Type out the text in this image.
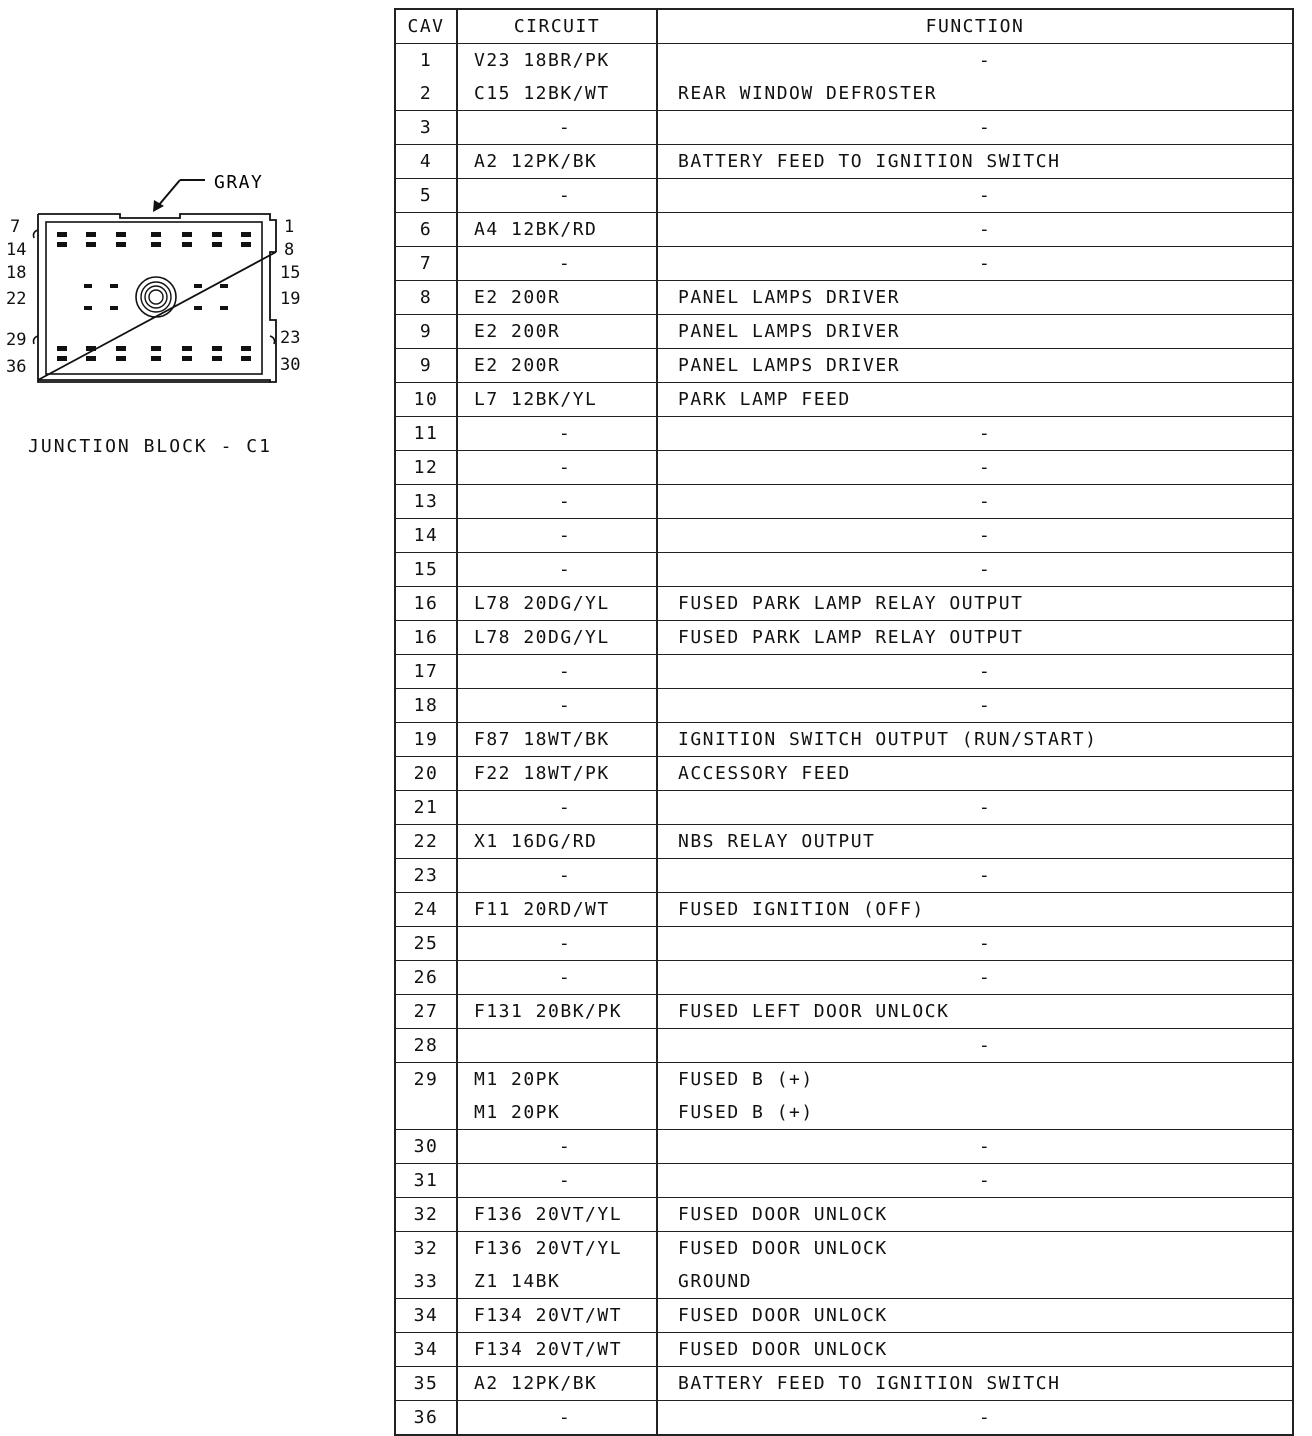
GRAY
7
14
18
22
29
36
1
8
15
19
23
30
JUNCTION BLOCK - C1
CAV	CIRCUIT	FUNCTION
1	V23 18BR/PK	-
2	C15 12BK/WT	REAR WINDOW DEFROSTER
3	-	-
4	A2 12PK/BK	BATTERY FEED TO IGNITION SWITCH
5	-	-
6	A4 12BK/RD	-
7	-	-
8	E2 200R	PANEL LAMPS DRIVER
9	E2 200R	PANEL LAMPS DRIVER
9	E2 200R	PANEL LAMPS DRIVER
10	L7 12BK/YL	PARK LAMP FEED
11	-	-
12	-	-
13	-	-
14	-	-
15	-	-
16	L78 20DG/YL	FUSED PARK LAMP RELAY OUTPUT
16	L78 20DG/YL	FUSED PARK LAMP RELAY OUTPUT
17	-	-
18	-	-
19	F87 18WT/BK	IGNITION SWITCH OUTPUT (RUN/START)
20	F22 18WT/PK	ACCESSORY FEED
21	-	-
22	X1 16DG/RD	NBS RELAY OUTPUT
23	-	-
24	F11 20RD/WT	FUSED IGNITION (OFF)
25	-	-
26	-	-
27	F131 20BK/PK	FUSED LEFT DOOR UNLOCK
28		-
29	M1 20PK	FUSED B (+)
	M1 20PK	FUSED B (+)
30	-	-
31	-	-
32	F136 20VT/YL	FUSED DOOR UNLOCK
32	F136 20VT/YL	FUSED DOOR UNLOCK
33	Z1 14BK	GROUND
34	F134 20VT/WT	FUSED DOOR UNLOCK
34	F134 20VT/WT	FUSED DOOR UNLOCK
35	A2 12PK/BK	BATTERY FEED TO IGNITION SWITCH
36	-	-
